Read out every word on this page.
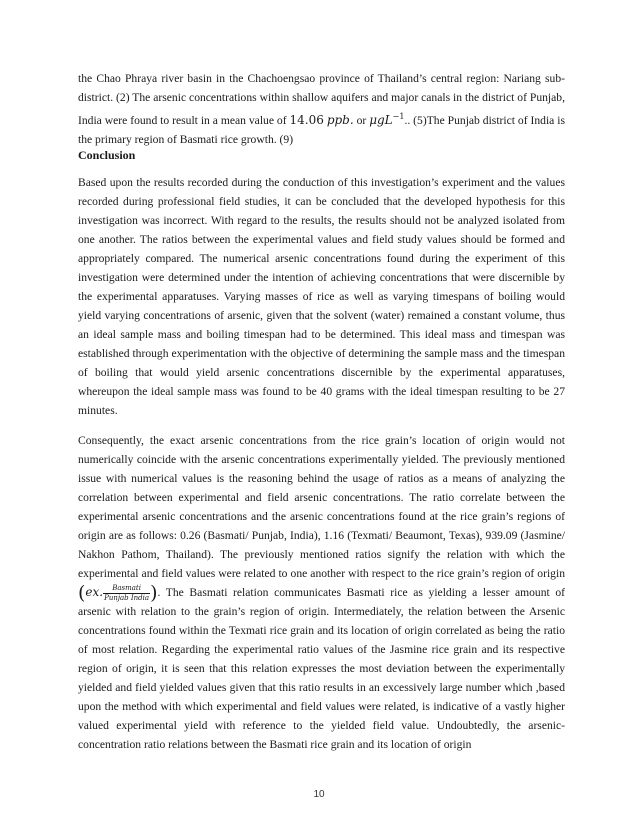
the Chao Phraya river basin in the Chachoengsao province of Thailand’s central region: Nariang sub-district. (2) The arsenic concentrations within shallow aquifers and major canals in the district of Punjab, India were found to result in a mean value of 14.06 ppb. or μgL$^{-1}$.. (5)The Punjab district of India is the primary region of Basmati rice growth. (9)
Conclusion
Based upon the results recorded during the conduction of this investigation’s experiment and the values recorded during professional field studies, it can be concluded that the developed hypothesis for this investigation was incorrect. With regard to the results, the results should not be analyzed isolated from one another. The ratios between the experimental values and field study values should be formed and appropriately compared. The numerical arsenic concentrations found during the experiment of this investigation were determined under the intention of achieving concentrations that were discernible by the experimental apparatuses. Varying masses of rice as well as varying timespans of boiling would yield varying concentrations of arsenic, given that the solvent (water) remained a constant volume, thus an ideal sample mass and boiling timespan had to be determined. This ideal mass and timespan was established through experimentation with the objective of determining the sample mass and the timespan of boiling that would yield arsenic concentrations discernible by the experimental apparatuses, whereupon the ideal sample mass was found to be 40 grams with the ideal timespan resulting to be 27 minutes.
Consequently, the exact arsenic concentrations from the rice grain’s location of origin would not numerically coincide with the arsenic concentrations experimentally yielded. The previously mentioned issue with numerical values is the reasoning behind the usage of ratios as a means of analyzing the correlation between experimental and field arsenic concentrations. The ratio correlate between the experimental arsenic concentrations and the arsenic concentrations found at the rice grain’s regions of origin are as follows: 0.26 (Basmati/ Punjab, India), 1.16 (Texmati/ Beaumont, Texas), 939.09 (Jasmine/ Nakhon Pathom, Thailand). The previously mentioned ratios signify the relation with which the experimental and field values were related to one another with respect to the rice grain’s region of origin (ex. $\frac{\text{Basmati}}{\text{Punjab India}}$ ). The Basmati relation communicates Basmati rice as yielding a lesser amount of arsenic with relation to the grain’s region of origin. Intermediately, the relation between the Arsenic concentrations found within the Texmati rice grain and its location of origin correlated as being the ratio of most relation. Regarding the experimental ratio values of the Jasmine rice grain and its respective region of origin, it is seen that this relation expresses the most deviation between the experimentally yielded and field yielded values given that this ratio results in an excessively large number which ,based upon the method with which experimental and field values were related, is indicative of a vastly higher valued experimental yield with reference to the yielded field value. Undoubtedly, the arsenic-concentration ratio relations between the Basmati rice grain and its location of origin
10
